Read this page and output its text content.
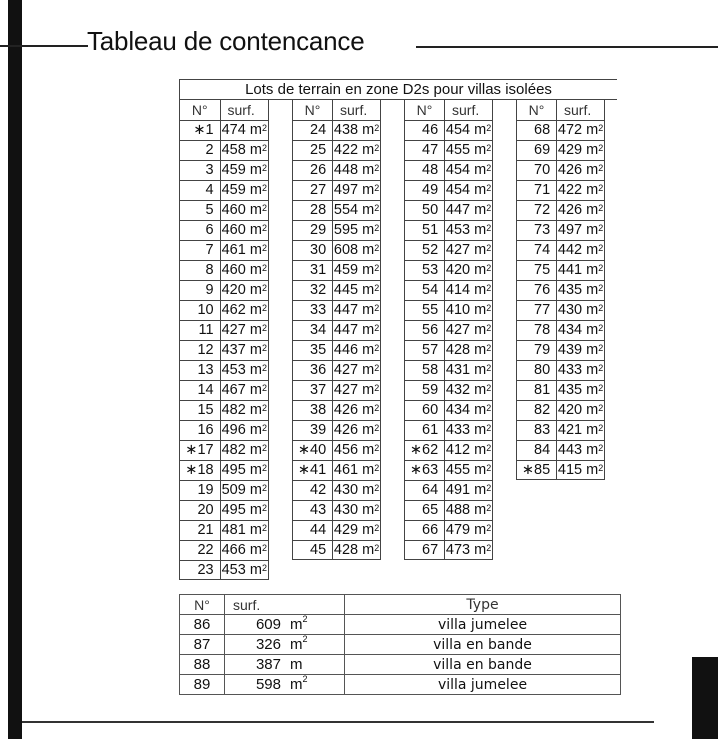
Tableau de contencance
Lots de terrain en zone D2s pour villas isolées
N°	surf.
∗1 474 $m^2$
2 458 $m^2$
3 459 $m^2$
4 459 $m^2$
5 460 $m^2$
6 460 $m^2$
7 461 $m^2$
8 460 $m^2$
9 420 $m^2$
10 462 $m^2$
11 427 $m^2$
12 437 $m^2$
13 453 $m^2$
14 467 $m^2$
15 482 $m^2$
16 496 $m^2$
∗17 482 $m^2$
∗18 495 $m^2$
19 509 $m^2$
20 495 $m^2$
21 481 $m^2$
22 466 $m^2$
23 453 $m^2$
N°	surf.
24 438 $m^2$
25 422 $m^2$
26 448 $m^2$
27 497 $m^2$
28 554 $m^2$
29 595 $m^2$
30 608 $m^2$
31 459 $m^2$
32 445 $m^2$
33 447 $m^2$
34 447 $m^2$
35 446 $m^2$
36 427 $m^2$
37 427 $m^2$
38 426 $m^2$
39 426 $m^2$
∗40 456 $m^2$
∗41 461 $m^2$
42 430 $m^2$
43 430 $m^2$
44 429 $m^2$
45 428 $m^2$
N°	surf.
46 454 $m^2$
47 455 $m^2$
48 454 $m^2$
49 454 $m^2$
50 447 $m^2$
51 453 $m^2$
52 427 $m^2$
53 420 $m^2$
54 414 $m^2$
55 410 $m^2$
56 427 $m^2$
57 428 $m^2$
58 431 $m^2$
59 432 $m^2$
60 434 $m^2$
61 433 $m^2$
∗62 412 $m^2$
∗63 455 $m^2$
64 491 $m^2$
65 488 $m^2$
66 479 $m^2$
67 473 $m^2$
N°	surf.
68 472 $m^2$
69 429 $m^2$
70 426 $m^2$
71 422 $m^2$
72 426 $m^2$
73 497 $m^2$
74 442 $m^2$
75 441 $m^2$
76 435 $m^2$
77 430 $m^2$
78 434 $m^2$
79 439 $m^2$
80 433 $m^2$
81 435 $m^2$
82 420 $m^2$
83 421 $m^2$
84 443 $m^2$
∗85 415 $m^2$
N°	surf.	Type
86	609 $m^2$	villa jumelee
87	326 $m^2$	villa en bande
88	387 m	villa en bande
89	598 $m^2$	villa jumelee
